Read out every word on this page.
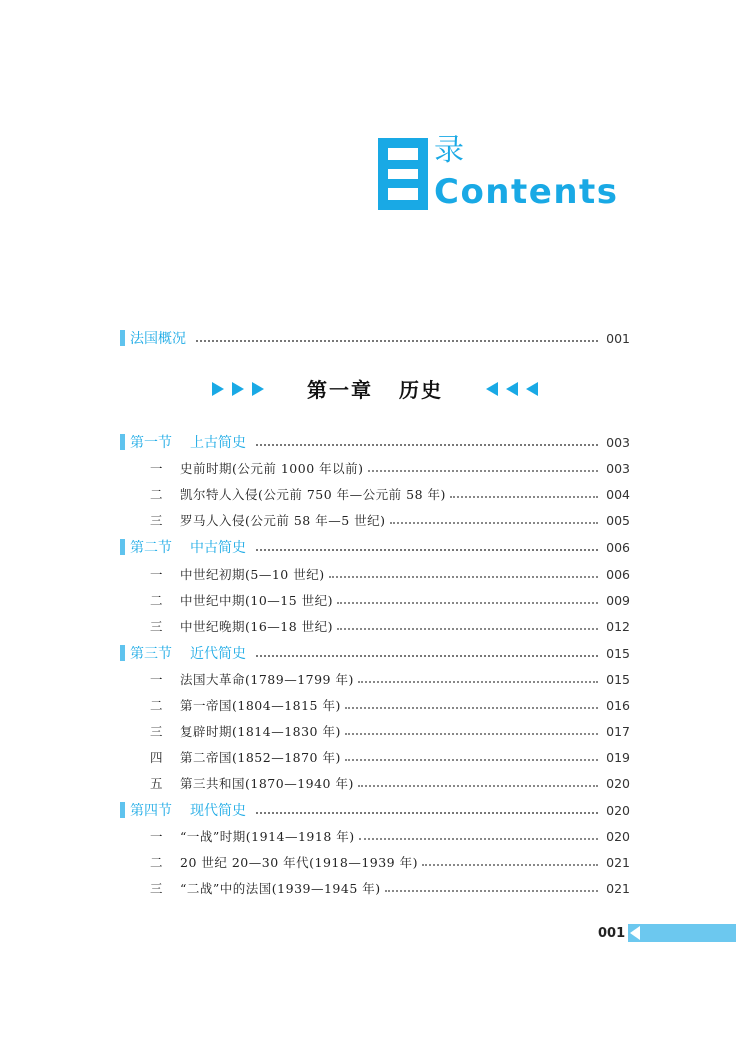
录
Contents
法国概况	001
第一章 历史
第一节 上古简史	003
一	史前时期(公元前 1000 年以前)	003
二	凯尔特人入侵(公元前 750 年—公元前 58 年)	004
三	罗马人入侵(公元前 58 年—5 世纪)	005
第二节 中古简史	006
一	中世纪初期(5—10 世纪)	006
二	中世纪中期(10—15 世纪)	009
三	中世纪晚期(16—18 世纪)	012
第三节 近代简史	015
一	法国大革命(1789—1799 年)	015
二	第一帝国(1804—1815 年)	016
三	复辟时期(1814—1830 年)	017
四	第二帝国(1852—1870 年)	019
五	第三共和国(1870—1940 年)	020
第四节 现代简史	020
一	“一战”时期(1914—1918 年)	020
二	20 世纪 20—30 年代(1918—1939 年)	021
三	“二战”中的法国(1939—1945 年)	021
001
